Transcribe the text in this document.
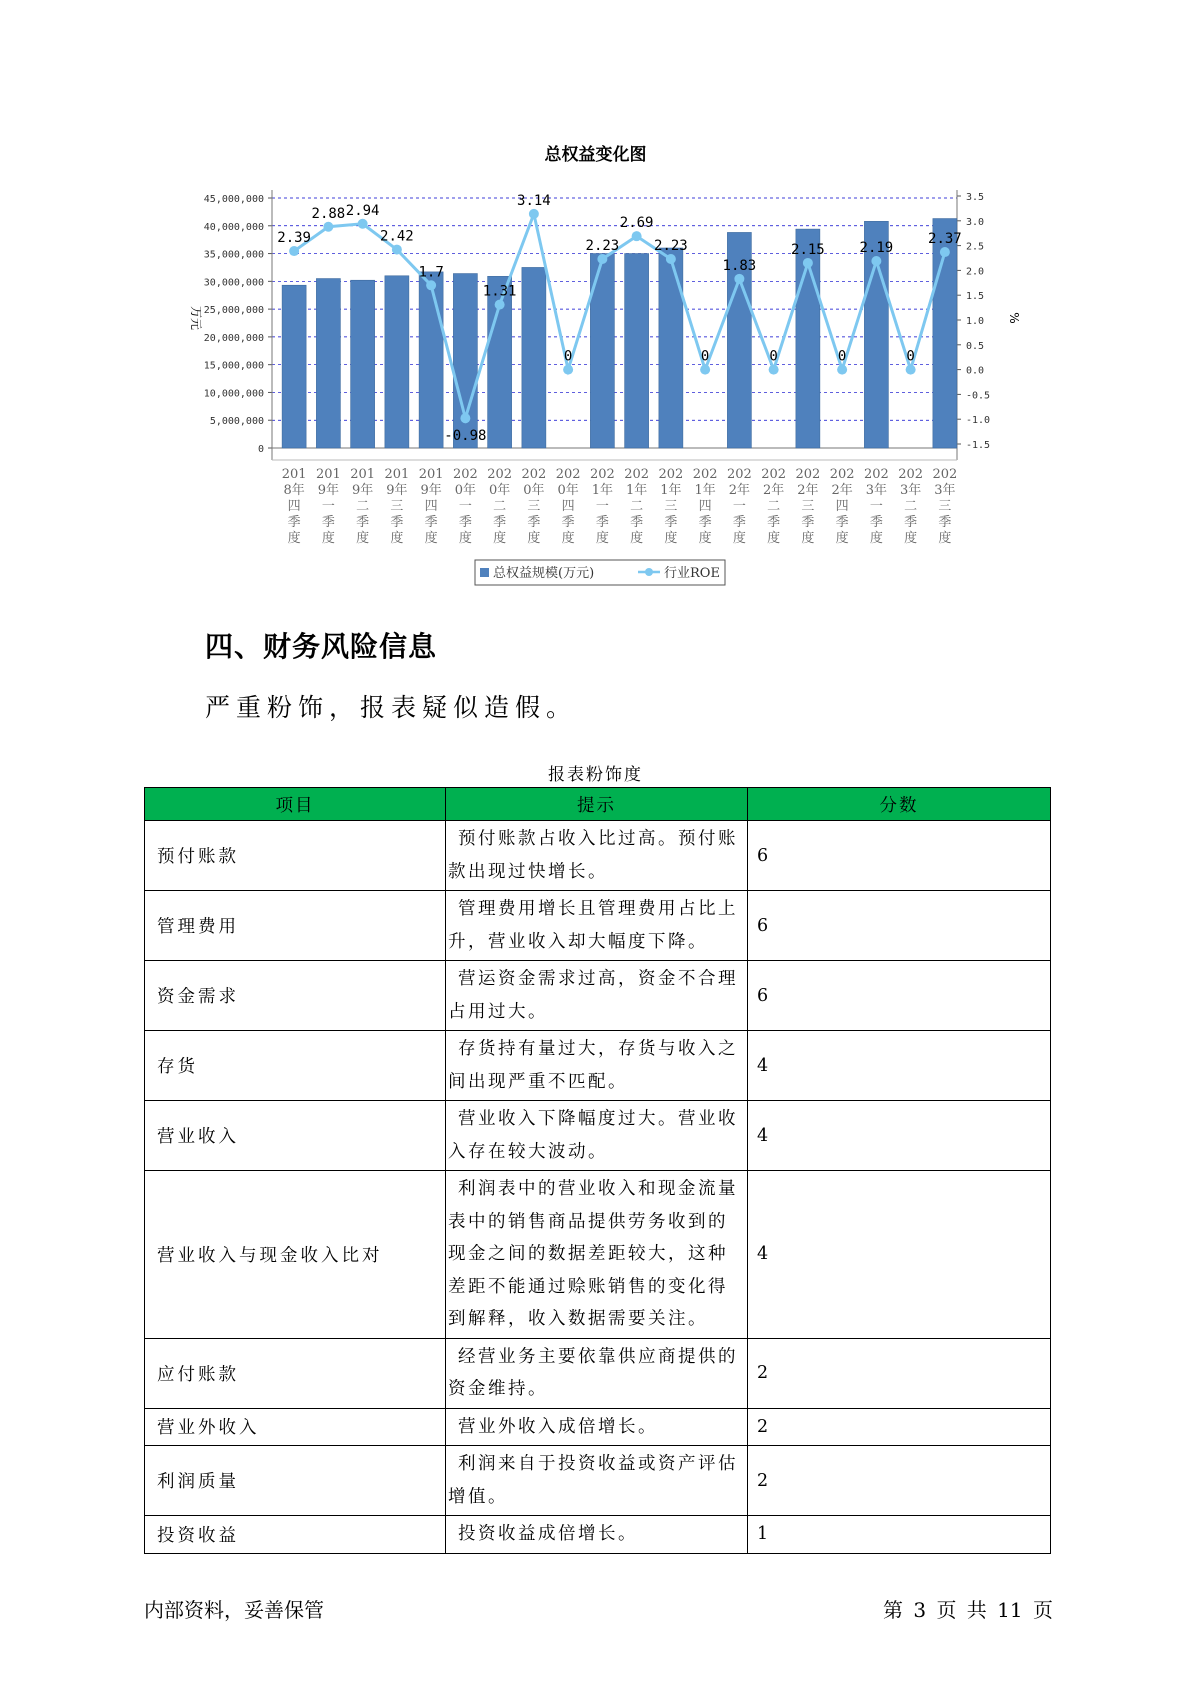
45,000,000
40,000,000
35,000,000
30,000,000
25,000,000
20,000,000
15,000,000
10,000,000
5,000,000
0
3.5
3.0
2.5
2.0
1.5
1.0
0.5
0.0
-0.5
-1.0
-1.5
万元	%
2.39
2.88 2.94
2.42
1.7
-0.98
1.31
3.14
0
2.23
2.69
2.23
0
1.83
0
2.15
0
2.19
0
2.37
201 8年四季度
201 9年一季度
201 9年二季度
201 9年三季度
201 9年四季度
202 0年一季度
202 0年二季度
202 0年三季度
202 0年四季度
202 1年一季度
202 1年二季度
202 1年三季度
202 1年四季度
202 2年一季度
202 2年二季度
202 2年三季度
202 2年四季度
202 3年一季度
202 3年二季度
202 3年三季度
总权益规模(万元)	行业ROE
总权益变化图
四、财务风险信息
严重粉饰，报表疑似造假。
报表粉饰度
项目	提示	分数
预付账款	预付账款占收入比过高。预付账款出现过快增长。	6
管理费用	管理费用增长且管理费用占比上升，营业收入却大幅度下降。	6
资金需求	营运资金需求过高，资金不合理占用过大。	6
存货	存货持有量过大，存货与收入之间出现严重不匹配。	4
营业收入	营业收入下降幅度过大。营业收入存在较大波动。	4
营业收入与现金收入比对	利润表中的营业收入和现金流量表中的销售商品提供劳务收到的现金之间的数据差距较大，这种差距不能通过赊账销售的变化得到解释，收入数据需要关注。	4
应付账款	经营业务主要依靠供应商提供的资金维持。	2
营业外收入	营业外收入成倍增长。	2
利润质量	利润来自于投资收益或资产评估增值。	2
投资收益	投资收益成倍增长。	1
内部资料，妥善保管	第 3 页 共 11 页
